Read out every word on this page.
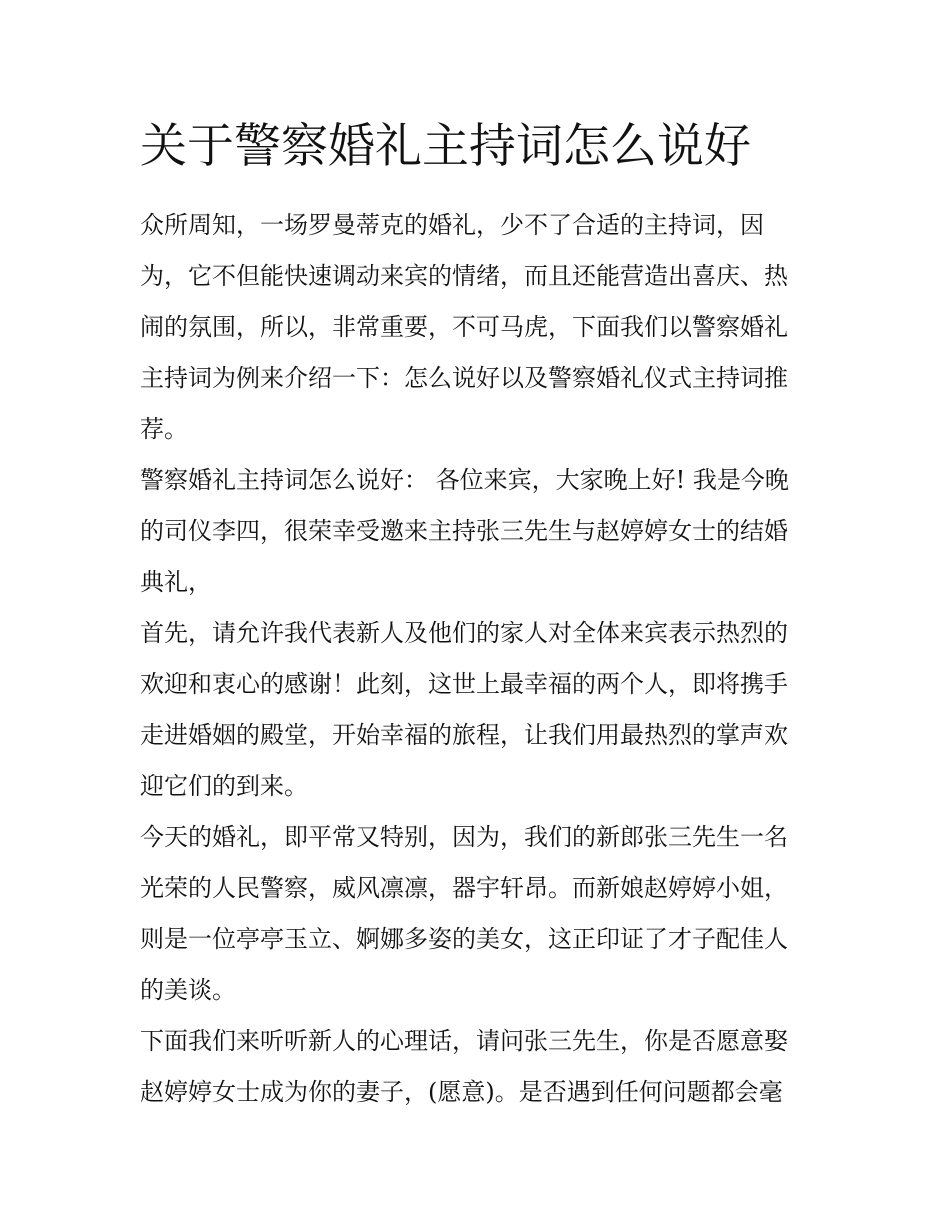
关于警察婚礼主持词怎么说好
众所周知，一场罗曼蒂克的婚礼，少不了合适的主持词，因
为，它不但能快速调动来宾的情绪，而且还能营造出喜庆、热
闹的氛围，所以，非常重要，不可马虎，下面我们以警察婚礼
主持词为例来介绍一下：怎么说好以及警察婚礼仪式主持词推
荐。
警察婚礼主持词怎么说好： 各位来宾，大家晚上好! 我是今晚
的司仪李四，很荣幸受邀来主持张三先生与赵婷婷女士的结婚
典礼，
首先，请允许我代表新人及他们的家人对全体来宾表示热烈的
欢迎和衷心的感谢！此刻，这世上最幸福的两个人，即将携手
走进婚姻的殿堂，开始幸福的旅程，让我们用最热烈的掌声欢
迎它们的到来。
今天的婚礼，即平常又特别，因为，我们的新郎张三先生一名
光荣的人民警察，威风凛凛，器宇轩昂。而新娘赵婷婷小姐，
则是一位亭亭玉立、婀娜多姿的美女，这正印证了才子配佳人
的美谈。
下面我们来听听新人的心理话，请问张三先生，你是否愿意娶
赵婷婷女士成为你的妻子，(愿意)。是否遇到任何问题都会毫
